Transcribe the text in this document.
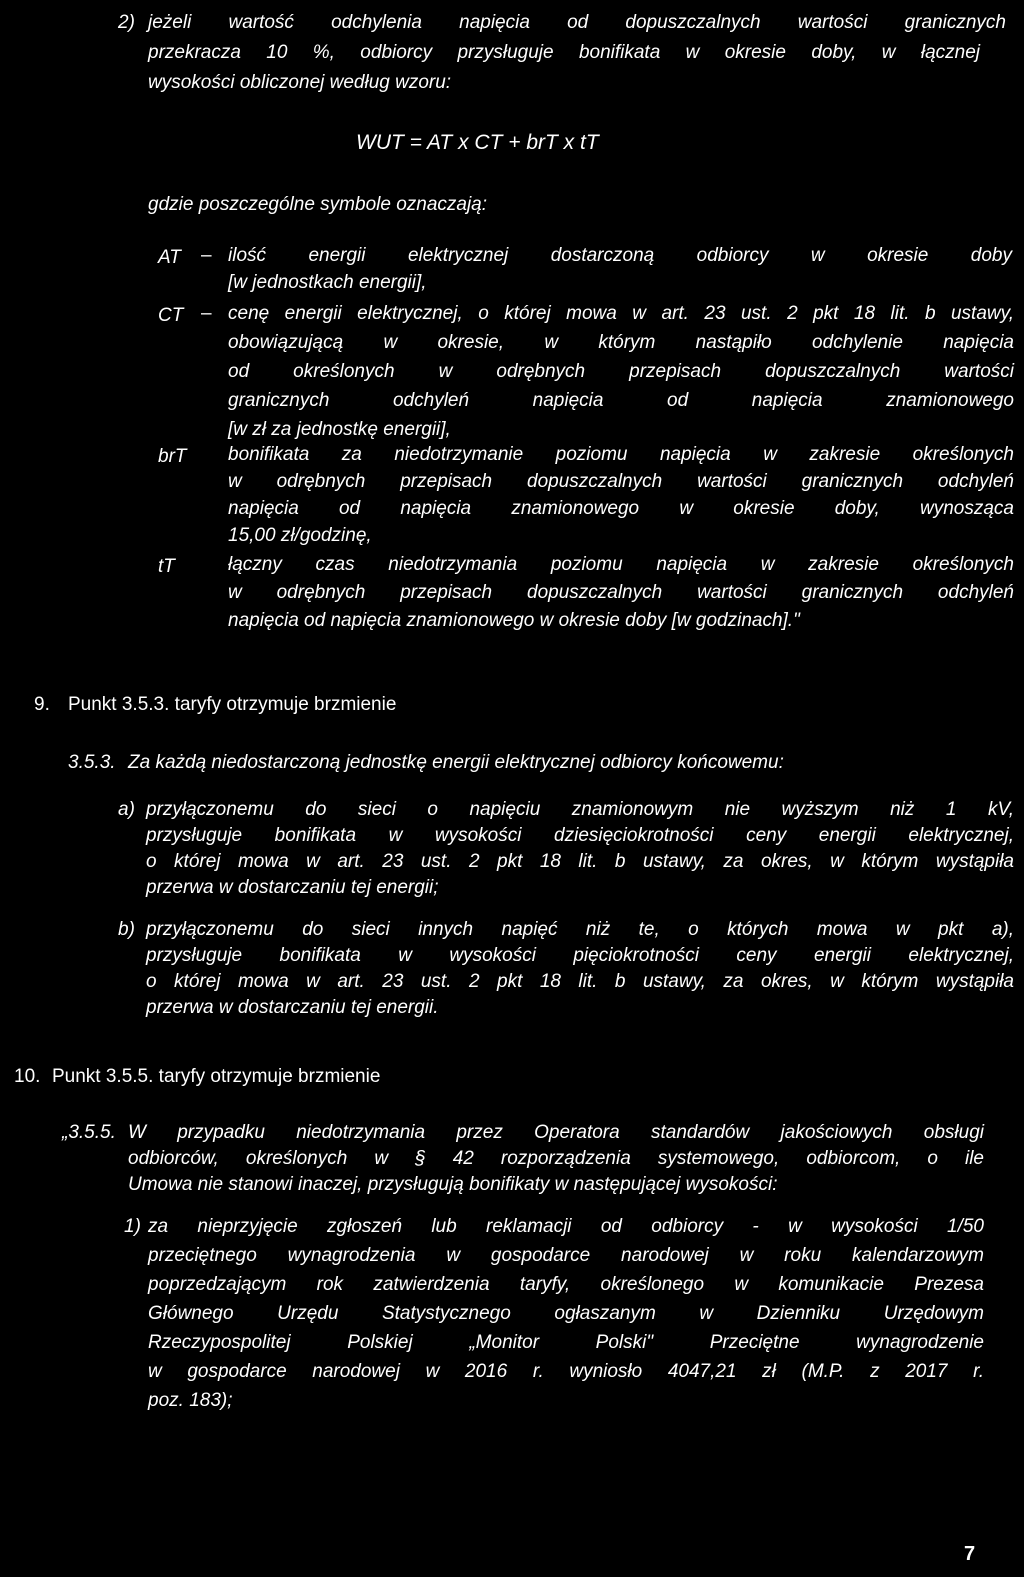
2) jeżeli wartość odchylenia napięcia od dopuszczalnych wartości granicznych

przekracza 10 %, odbiorcy przysługuje bonifikata w okresie doby, w łącznej

wysokości obliczonej według wzoru:

WUT = AT x CT + brT x tT

gdzie poszczególne symbole oznaczają:

AT – ilość energii elektrycznej dostarczoną odbiorcy w okresie doby

[w jednostkach energii],

CT – cenę energii elektrycznej, o której mowa w art. 23 ust. 2 pkt 18 lit. b ustawy,

obowiązującą w okresie, w którym nastąpiło odchylenie napięcia

od określonych w odrębnych przepisach dopuszczalnych wartości

granicznych odchyleń napięcia od napięcia znamionowego

[w zł za jednostkę energii],

brT bonifikata za niedotrzymanie poziomu napięcia w zakresie określonych

w odrębnych przepisach dopuszczalnych wartości granicznych odchyleń

napięcia od napięcia znamionowego w okresie doby, wynosząca

15,00 zł/godzinę,

tT	łączny czas niedotrzymania poziomu napięcia w zakresie określonych

w odrębnych przepisach dopuszczalnych wartości granicznych odchyleń

napięcia od napięcia znamionowego w okresie doby [w godzinach]."

9. Punkt 3.5.3. taryfy otrzymuje brzmienie

3.5.3. Za każdą niedostarczoną jednostkę energii elektrycznej odbiorcy końcowemu:

a) przyłączonemu do sieci o napięciu znamionowym nie wyższym niż 1 kV,

przysługuje bonifikata w wysokości dziesięciokrotności ceny energii elektrycznej,

o której mowa w art. 23 ust. 2 pkt 18 lit. b ustawy, za okres, w którym wystąpiła

przerwa w dostarczaniu tej energii;

b) przyłączonemu do sieci innych napięć niż te, o których mowa w pkt a),

przysługuje bonifikata w wysokości pięciokrotności ceny energii elektrycznej,

o której mowa w art. 23 ust. 2 pkt 18 lit. b ustawy, za okres, w którym wystąpiła

przerwa w dostarczaniu tej energii.

10. Punkt 3.5.5. taryfy otrzymuje brzmienie

„3.5.5. W przypadku niedotrzymania przez Operatora standardów jakościowych obsługi

odbiorców, określonych w § 42 rozporządzenia systemowego, odbiorcom, o ile

Umowa nie stanowi inaczej, przysługują bonifikaty w następującej wysokości:

1) za nieprzyjęcie zgłoszeń lub reklamacji od odbiorcy - w wysokości 1/50

przeciętnego wynagrodzenia w gospodarce narodowej w roku kalendarzowym

poprzedzającym rok zatwierdzenia taryfy, określonego w komunikacie Prezesa

Głównego Urzędu Statystycznego ogłaszanym w Dzienniku Urzędowym

Rzeczypospolitej Polskiej „Monitor Polski" Przeciętne wynagrodzenie

w gospodarce narodowej w 2016 r. wyniosło 4047,21 zł (M.P. z 2017 r.

poz. 183);

7
